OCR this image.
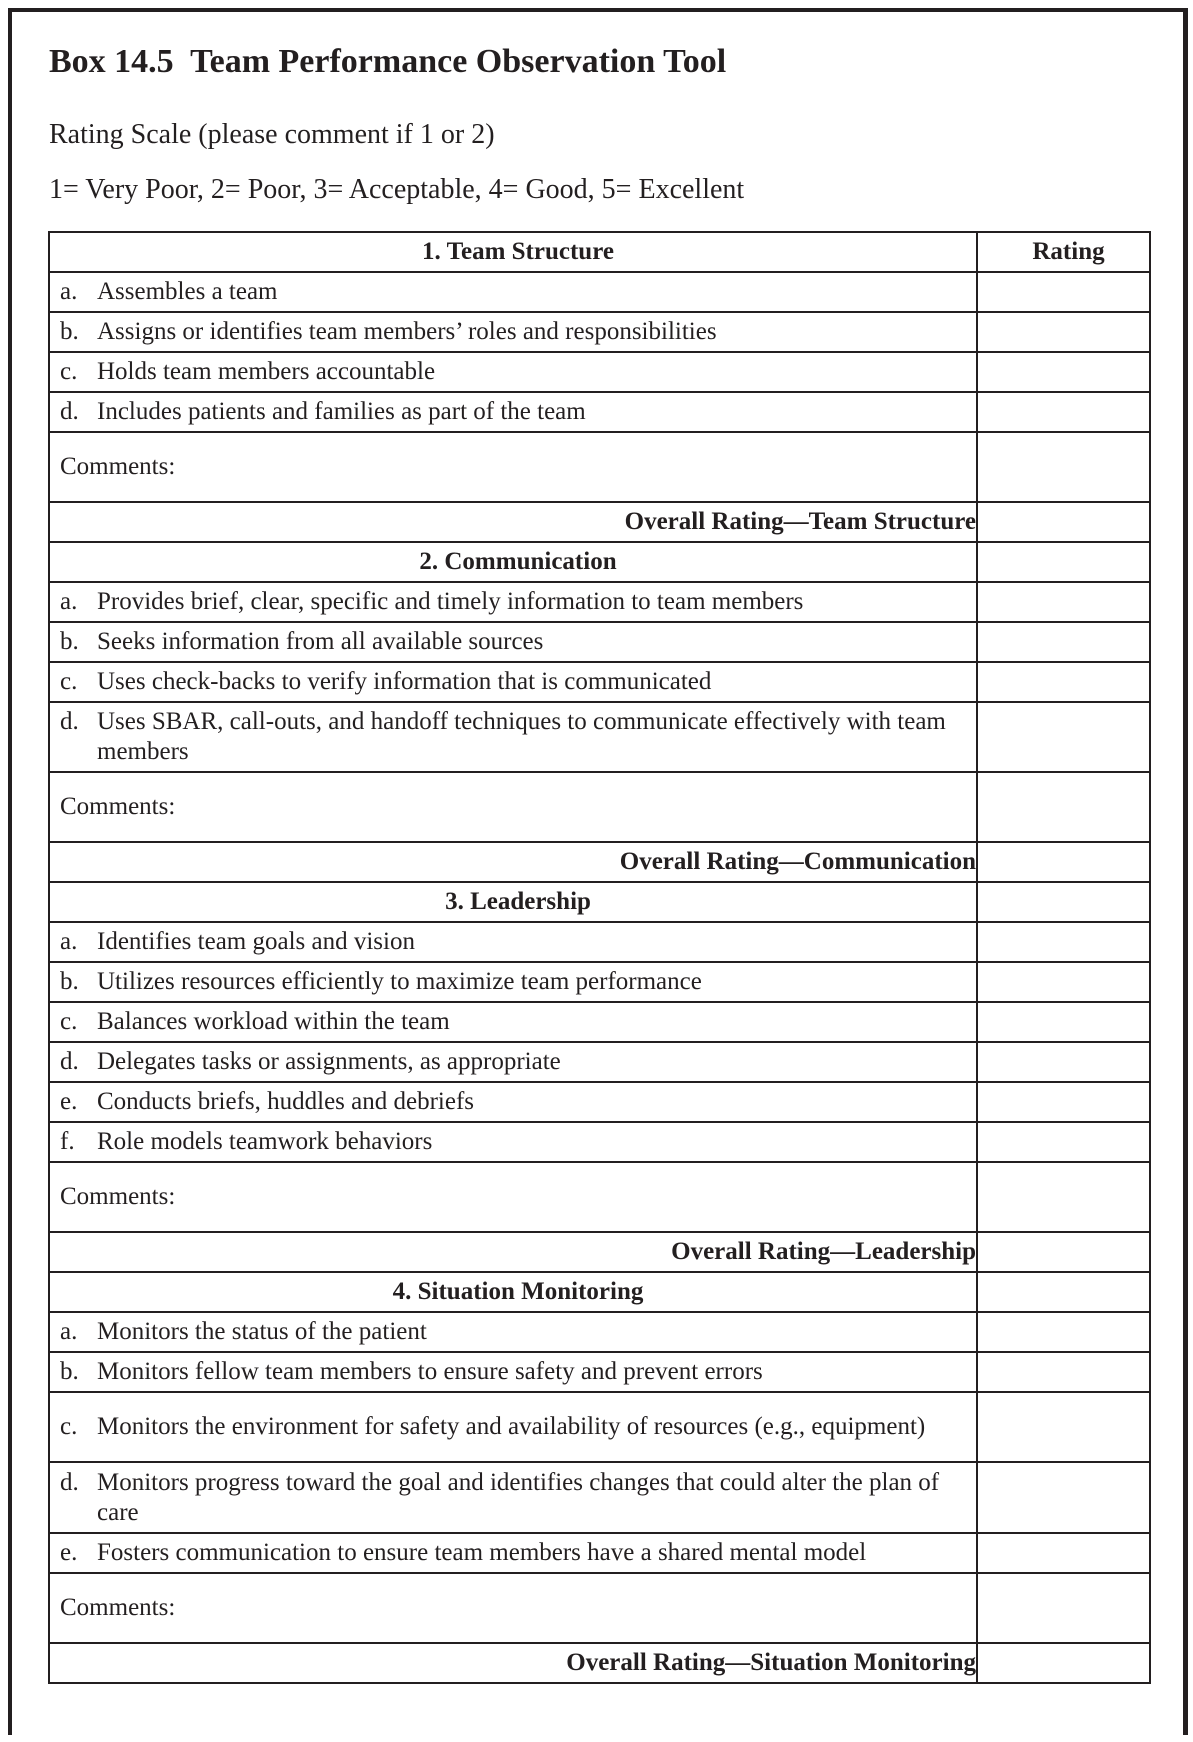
Box 14.5  Team Performance Observation Tool
Rating Scale (please comment if 1 or 2)
1= Very Poor, 2= Poor, 3= Acceptable, 4= Good, 5= Excellent
1. Team Structure	Rating

a. Assembles a team	

b. Assigns or identifies team members’ roles and responsibilities	

c. Holds team members accountable	

d. Includes patients and families as part of the team	

Comments:	
Overall Rating—Team Structure	
2. Communication	

a. Provides brief, clear, specific and timely information to team members	

b. Seeks information from all available sources	

c. Uses check-backs to verify information that is communicated	

d. Uses SBAR, call-outs, and handoff techniques to communicate effectively with team members	

Comments:	
Overall Rating—Communication	
3. Leadership	

a. Identifies team goals and vision	

b. Utilizes resources efficiently to maximize team performance	

c. Balances workload within the team	

d. Delegates tasks or assignments, as appropriate	

e. Conducts briefs, huddles and debriefs	

f. Role models teamwork behaviors	

Comments:	
Overall Rating—Leadership	
4. Situation Monitoring	

a. Monitors the status of the patient	

b. Monitors fellow team members to ensure safety and prevent errors	

c. Monitors the environment for safety and availability of resources (e.g., equipment)	

d. Monitors progress toward the goal and identifies changes that could alter the plan of care	

e. Fosters communication to ensure team members have a shared mental model	

Comments:	
Overall Rating—Situation Monitoring	
